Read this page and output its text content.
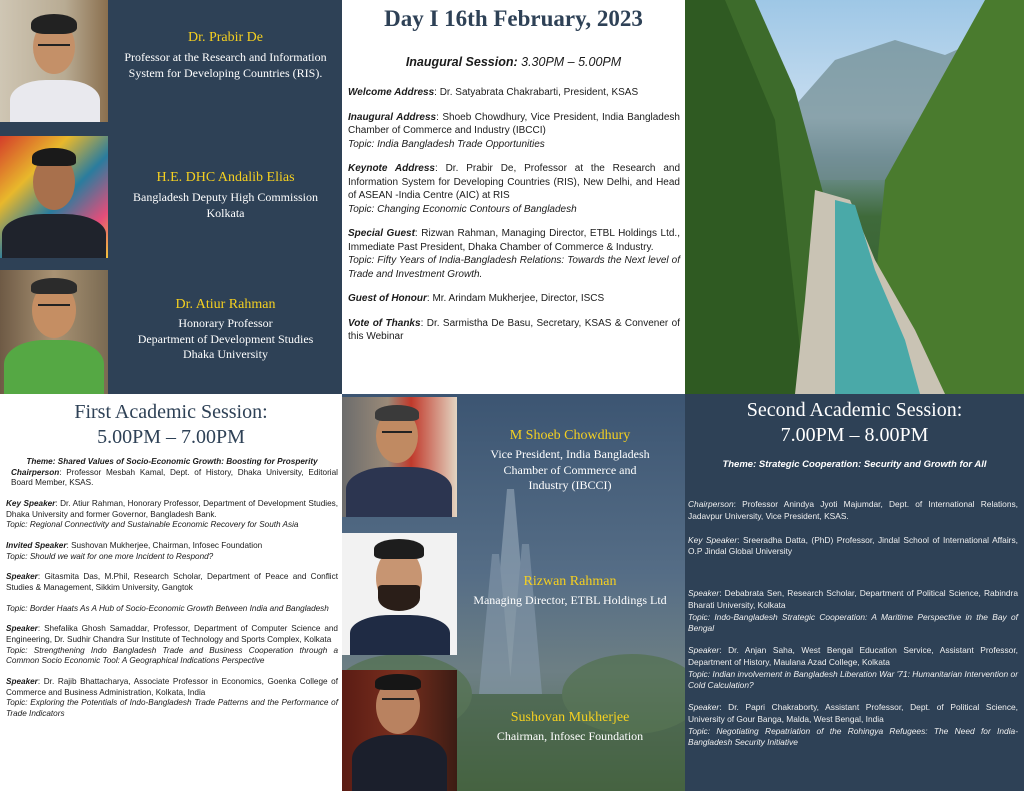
Dr. Prabir De
Professor at the Research and Information System for Developing Countries (RIS).
H.E. DHC Andalib Elias
Bangladesh Deputy High Commission Kolkata
Dr. Atiur Rahman
Honorary Professor
Department of Development Studies
Dhaka University
Day I 16th February, 2023
Inaugural Session: 3.30PM – 5.00PM

Welcome Address: Dr. Satyabrata Chakrabarti, President, KSAS

Inaugural Address: Shoeb Chowdhury, Vice President, India Bangladesh Chamber of Commerce and Industry (IBCCI)
Topic: India Bangladesh Trade Opportunities

Keynote Address: Dr. Prabir De, Professor at the Research and Information System for Developing Countries (RIS), New Delhi, and Head of ASEAN -India Centre (AIC) at RIS
Topic: Changing Economic Contours of Bangladesh

Special Guest: Rizwan Rahman, Managing Director, ETBL Holdings Ltd., Immediate Past President, Dhaka Chamber of Commerce & Industry.
Topic: Fifty Years of India-Bangladesh Relations: Towards the Next level of Trade and Investment Growth.

Guest of Honour: Mr. Arindam Mukherjee, Director, ISCS

Vote of Thanks: Dr. Sarmistha De Basu, Secretary, KSAS & Convener of this Webinar

First Academic Session:
5.00PM – 7.00PM

Theme: Shared Values of Socio-Economic Growth: Boosting for Prosperity

Chairperson: Professor Mesbah Kamal, Dept. of History, Dhaka University, Editorial Board Member, KSAS.

Key Speaker: Dr. Atiur Rahman, Honorary Professor, Department of Development Studies, Dhaka University and former Governor, Bangladesh Bank.
Topic: Regional Connectivity and Sustainable Economic Recovery for South Asia

Invited Speaker: Sushovan Mukherjee, Chairman, Infosec Foundation
Topic: Should we wait for one more Incident to Respond?

Speaker: Gitasmita Das, M.Phil, Research Scholar, Department of Peace and Conflict Studies & Management, Sikkim University, Gangtok

Topic: Border Haats As A Hub of Socio-Economic Growth Between India and Bangladesh

Speaker: Shefalika Ghosh Samaddar, Professor, Department of Computer Science and Engineering, Dr. Sudhir Chandra Sur Institute of Technology and Sports Complex, Kolkata
Topic: Strengthening Indo Bangladesh Trade and Business Cooperation through a Common Socio Economic Tool: A Geographical Indications Perspective

Speaker: Dr. Rajib Bhattacharya, Associate Professor in Economics, Goenka College of Commerce and Business Administration, Kolkata, India
Topic: Exploring the Potentials of Indo-Bangladesh Trade Patterns and the Performance of Trade Indicators

M Shoeb Chowdhury
Vice President, India Bangladesh
Chamber of Commerce and
Industry (IBCCI)
Rizwan Rahman
Managing Director, ETBL Holdings Ltd
Sushovan Mukherjee
Chairman, Infosec Foundation
Second Academic Session:
7.00PM – 8.00PM
Theme: Strategic Cooperation: Security and Growth for All

Chairperson: Professor Anindya Jyoti Majumdar, Dept. of International Relations, Jadavpur University, Vice President, KSAS.

Key Speaker: Sreeradha Datta, (PhD) Professor, Jindal School of International Affairs, O.P Jindal Global University

Speaker: Debabrata Sen, Research Scholar, Department of Political Science, Rabindra Bharati University, Kolkata
Topic: Indo-Bangladesh Strategic Cooperation: A Maritime Perspective in the Bay of Bengal

Speaker: Dr. Anjan Saha, West Bengal Education Service, Assistant Professor, Department of History, Maulana Azad College, Kolkata
Topic: Indian involvement in Bangladesh Liberation War '71: Humanitarian Intervention or Cold Calculation?

Speaker: Dr. Papri Chakraborty, Assistant Professor, Dept. of Political Science, University of Gour Banga, Malda, West Bengal, India
Topic: Negotiating Repatriation of the Rohingya Refugees: The Need for India-Bangladesh Security Initiative
